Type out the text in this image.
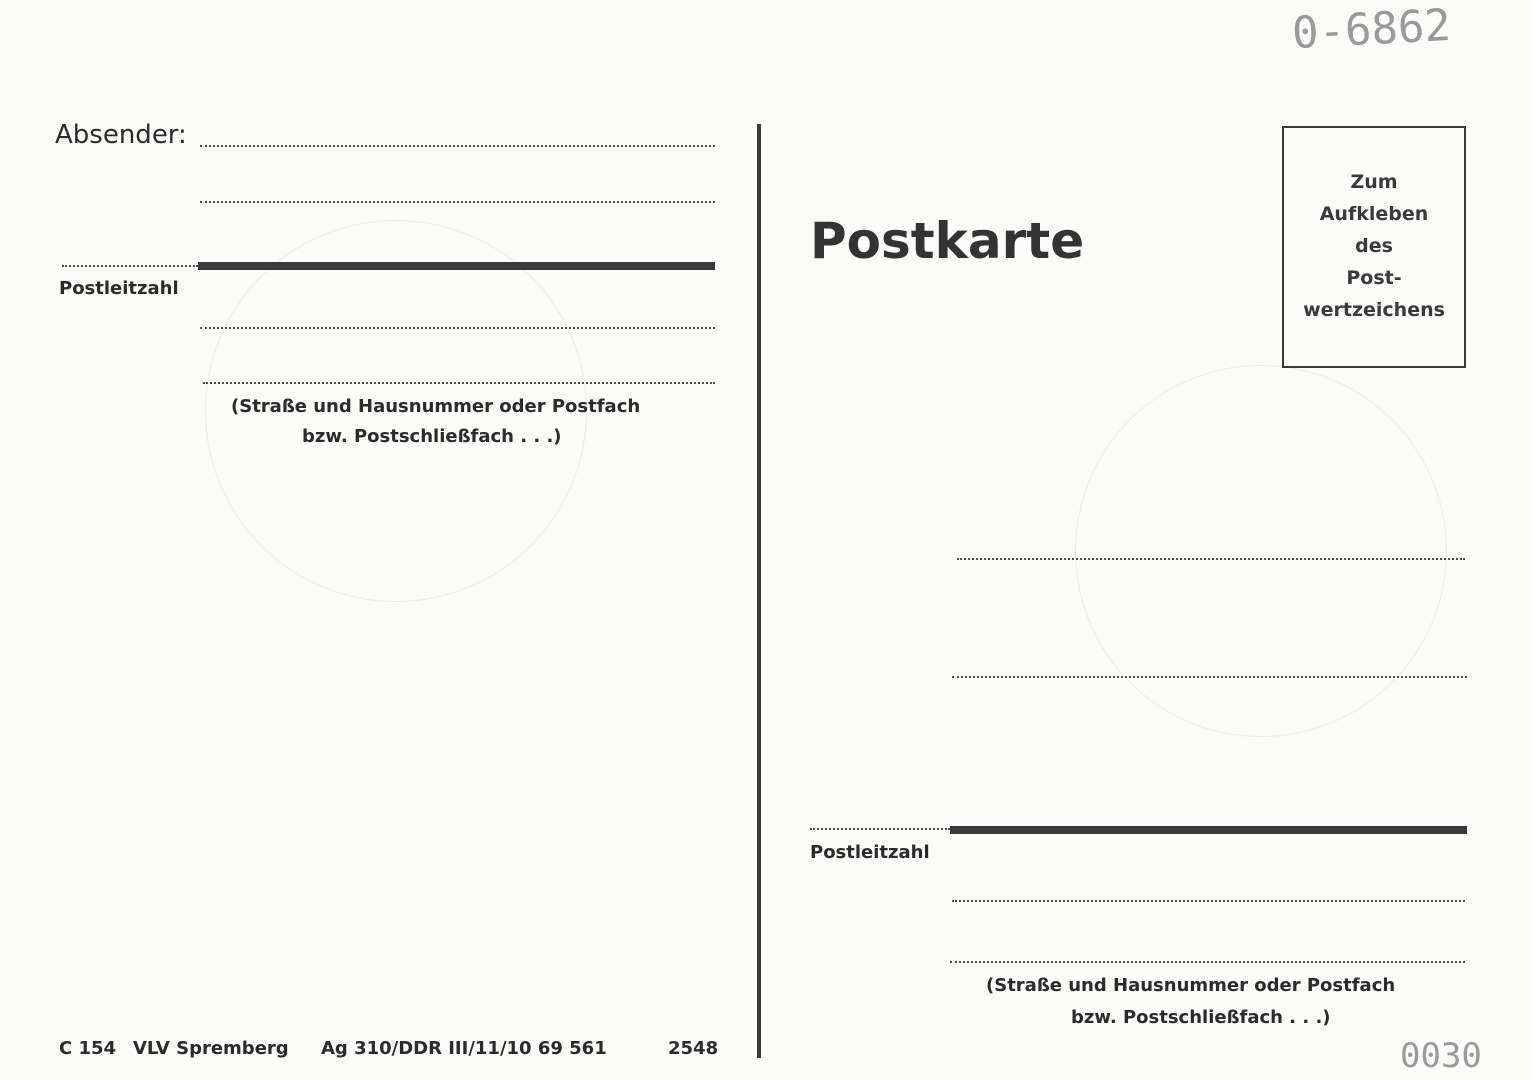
0-6862
0030
Absender:
Postleitzahl
(Straße und Hausnummer oder Postfach
bzw. Postschließfach . . .)
C 154 VLV Spremberg Ag 310/DDR III/11/10 69 561	2548
Postkarte
Zum
Aufkleben
des
Post-
wertzeichens
Postleitzahl
(Straße und Hausnummer oder Postfach
bzw. Postschließfach . . .)
